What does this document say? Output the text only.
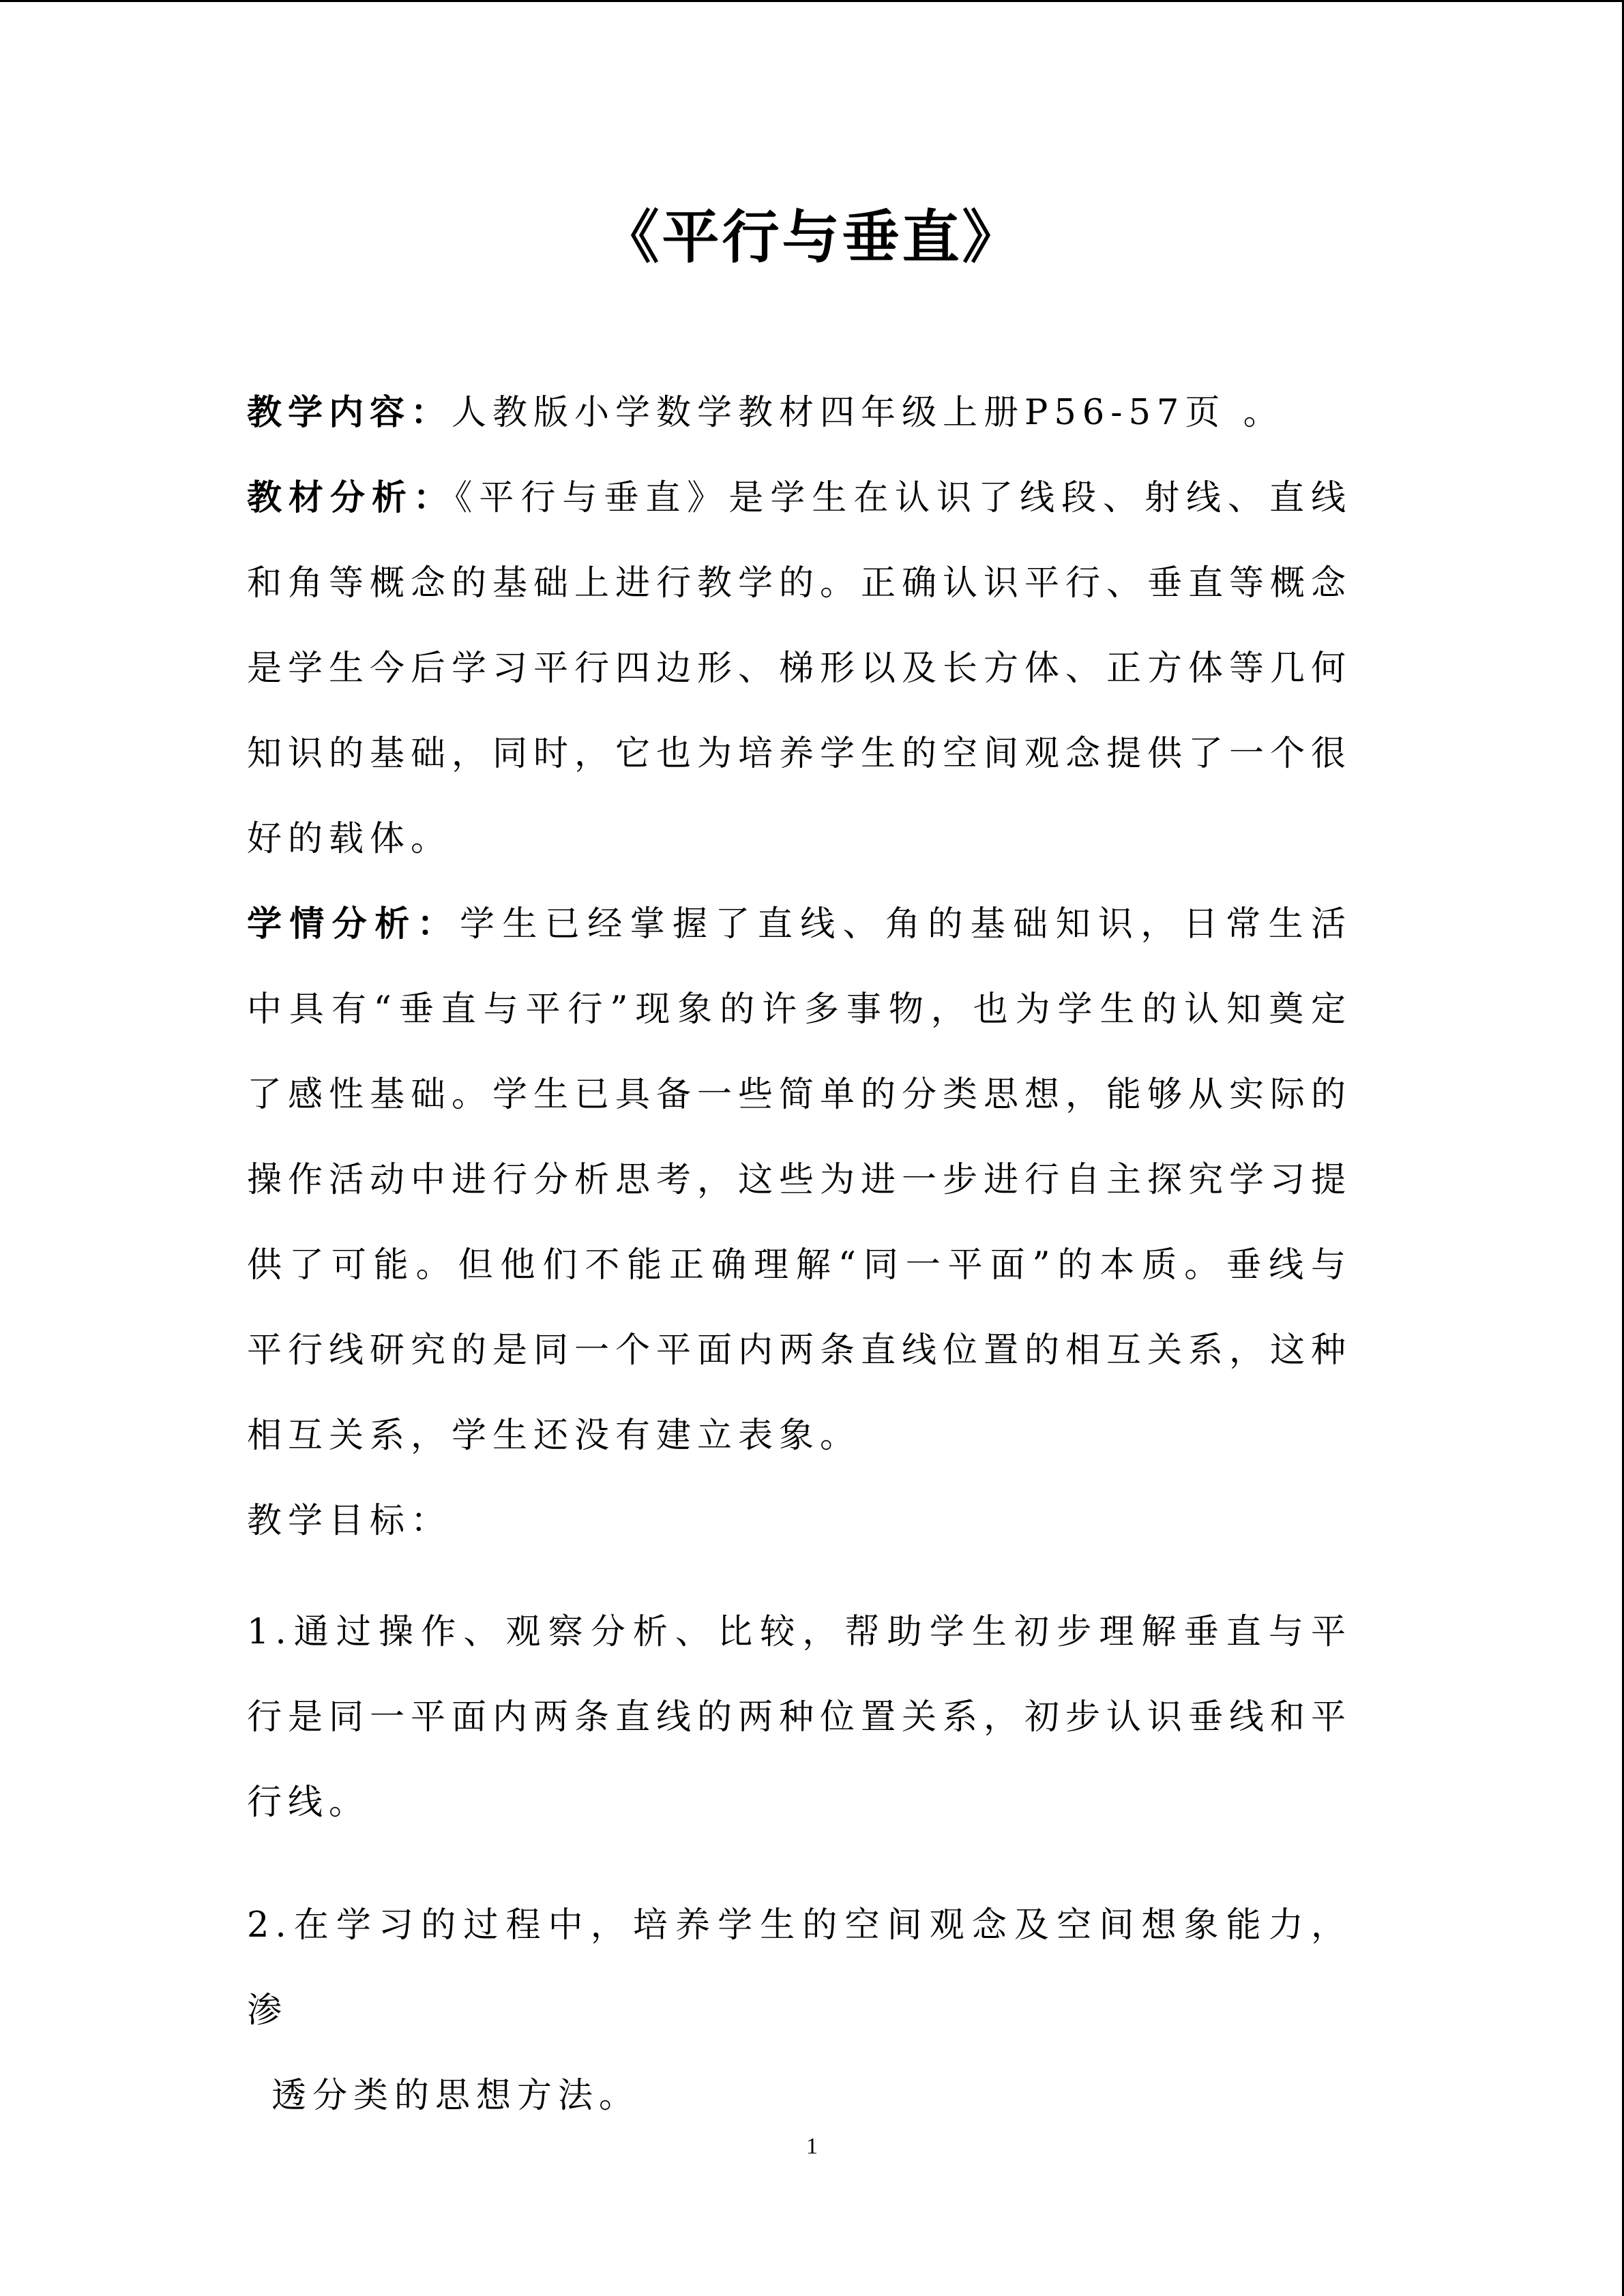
《平行与垂直》

教学内容：人教版小学数学教材四年级上册P56-57页 。

教材分析：《平行与垂直》是学生在认识了线段、射线、直线和角等概念的基础上进行教学的。正确认识平行、垂直等概念是学生今后学习平行四边形、梯形以及长方体、正方体等几何知识的基础，同时，它也为培养学生的空间观念提供了一个很好的载体。

学情分析：学生已经掌握了直线、角的基础知识，日常生活中具有“垂直与平行”现象的许多事物，也为学生的认知奠定了感性基础。学生已具备一些简单的分类思想，能够从实际的操作活动中进行分析思考，这些为进一步进行自主探究学习提供了可能。但他们不能正确理解“同一平面”的本质。垂线与平行线研究的是同一个平面内两条直线位置的相互关系，这种相互关系，学生还没有建立表象。

教学目标：

1.通过操作、观察分析、比较，帮助学生初步理解垂直与平行是同一平面内两条直线的两种位置关系，初步认识垂线和平行线。

2.在学习的过程中，培养学生的空间观念及空间想象能力，渗
透分类的思想方法。

1
